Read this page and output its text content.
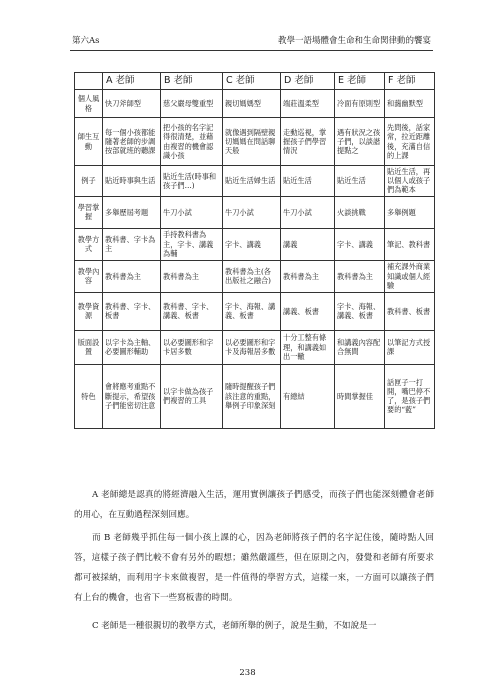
第六As	教學一語場體會生命和生命関律動的饗宴
	A 老師	B 老師	C 老師	D 老師	E 老師	F 老師
個人風格	快刀斧師型	慈父嚴母雙重型	親切媽媽型	端莊溫柔型	冷面有原則型	和藹幽默型
師生互動	每一個小孩都能隨著老師的步調按部就班的聽課	把小孩的名字記得很清楚，並藉由複習的機會認識小孩	就像遇到隔壁親切媽媽在問話聊天般	走動巡視，掌握孩子們學習情況	遇有狀況之孩子們，以談諧提點之	先問後，話家常，拉近距離後，充滿自信的上課
例子	貼近時事與生活	貼近生活(時事和孩子們…)	貼近生活婦生活	貼近生活	貼近生活	貼近生活，再以個人或孩子們為範本
學習掌握	多舉歷屆考題	牛刀小試	牛刀小試	牛刀小試	火談挑戰	多舉例題
教學方式	教科書、字卡為主	手持教科書為主，字卡、講義為輔	字卡、講義	講義	字卡、講義	筆記、教科書
教學內容	教科書為主	教科書為主	教科書為主(各出版社之融合)	教科書為主	教科書為主	補充課外商業知識或個人經驗
教學資源	教科書、字卡、板書	教科書、字卡、講義、板書	字卡、海報、講義、板書	講義、板書	字卡、海報、講義、板書	教科書、板書
版面設置	以字卡為主軸、必要圖形輔助	以必要圖形和字卡居多數	以必要圖形和字卡及海報居多數	十分工整有條理，和講義如出一轍	和講義內容配合無間	以筆記方式授課
特色	會將應考重點不斷提示，希望孩子們能密切注意	以字卡做為孩子們複習的工具	隨時提醒孩子們該注意的重點，舉例子印象深刻	有總結	時間掌握佳	話匣子一打開，嘴巴停不了，是孩子們要的“藍”

A 老師總是認真的將經濟融入生活，運用實例讓孩子們感受，而孩子們也能深刻體會老師的用心，在互動過程深刻回應。

而 B 老師幾乎抓住每一個小孩上課的心，因為老師將孩子們的名字記住後，隨時點人回答，這樣子孩子們比較不會有另外的暇想；雖然嚴謹些，但在原則之內，發覺和老師有所要求都可被採納，而利用字卡來做複習，是一件值得的學習方式，這樣一來，一方面可以讓孩子們有上台的機會，也省下一些寫板書的時間。

C 老師是一種很親切的教學方式，老師所舉的例子，說是生動，不如說是一

238
